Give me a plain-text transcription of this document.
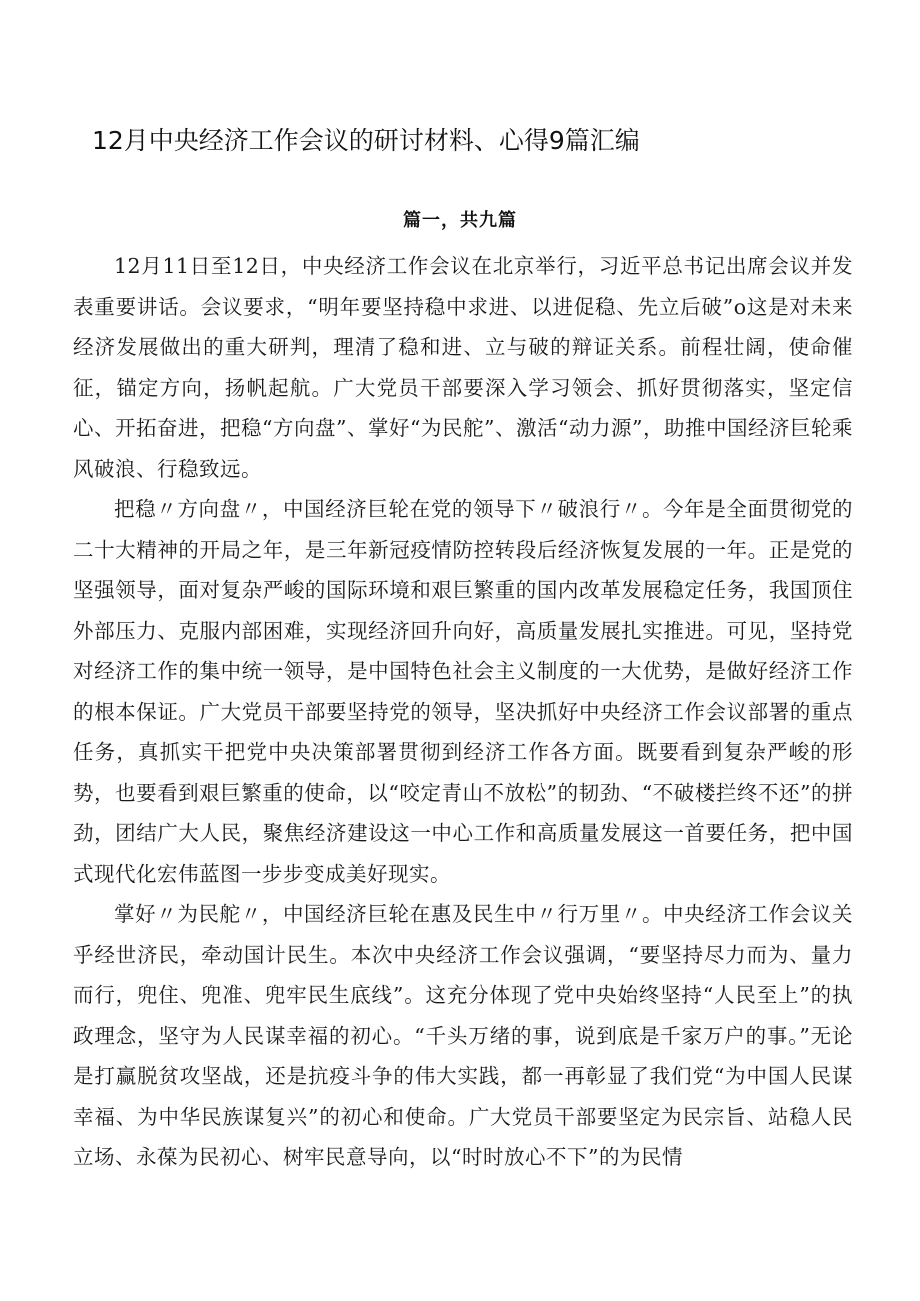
12月中央经济工作会议的研讨材料、心得9篇汇编
篇一，共九篇

12月11日至12日，中央经济工作会议在北京举行，习近平总书记出席会议并发表重要讲话。会议要求，“明年要坚持稳中求进、以进促稳、先立后破”o这是对未来经济发展做出的重大研判，理清了稳和进、立与破的辩证关系。前程壮阔，使命催征，锚定方向，扬帆起航。广大党员干部要深入学习领会、抓好贯彻落实，坚定信心、开拓奋进，把稳“方向盘”、掌好“为民舵”、激活“动力源”，助推中国经济巨轮乘风破浪、行稳致远。

把稳〃方向盘〃，中国经济巨轮在党的领导下〃破浪行〃。今年是全面贯彻党的二十大精神的开局之年，是三年新冠疫情防控转段后经济恢复发展的一年。正是党的坚强领导，面对复杂严峻的国际环境和艰巨繁重的国内改革发展稳定任务，我国顶住外部压力、克服内部困难，实现经济回升向好，高质量发展扎实推进。可见，坚持党对经济工作的集中统一领导，是中国特色社会主义制度的一大优势，是做好经济工作的根本保证。广大党员干部要坚持党的领导，坚决抓好中央经济工作会议部署的重点任务，真抓实干把党中央决策部署贯彻到经济工作各方面。既要看到复杂严峻的形势，也要看到艰巨繁重的使命，以“咬定青山不放松”的韧劲、“不破楼拦终不还”的拼劲，团结广大人民，聚焦经济建设这一中心工作和高质量发展这一首要任务，把中国式现代化宏伟蓝图一步步变成美好现实。

掌好〃为民舵〃，中国经济巨轮在惠及民生中〃行万里〃。中央经济工作会议关乎经世济民，牵动国计民生。本次中央经济工作会议强调，“要坚持尽力而为、量力而行，兜住、兜准、兜牢民生底线”。这充分体现了党中央始终坚持“人民至上”的执政理念，坚守为人民谋幸福的初心。“千头万绪的事，说到底是千家万户的事。”无论是打赢脱贫攻坚战，还是抗疫斗争的伟大实践，都一再彰显了我们党“为中国人民谋幸福、为中华民族谋复兴”的初心和使命。广大党员干部要坚定为民宗旨、站稳人民立场、永葆为民初心、树牢民意导向，以“时时放心不下”的为民情
